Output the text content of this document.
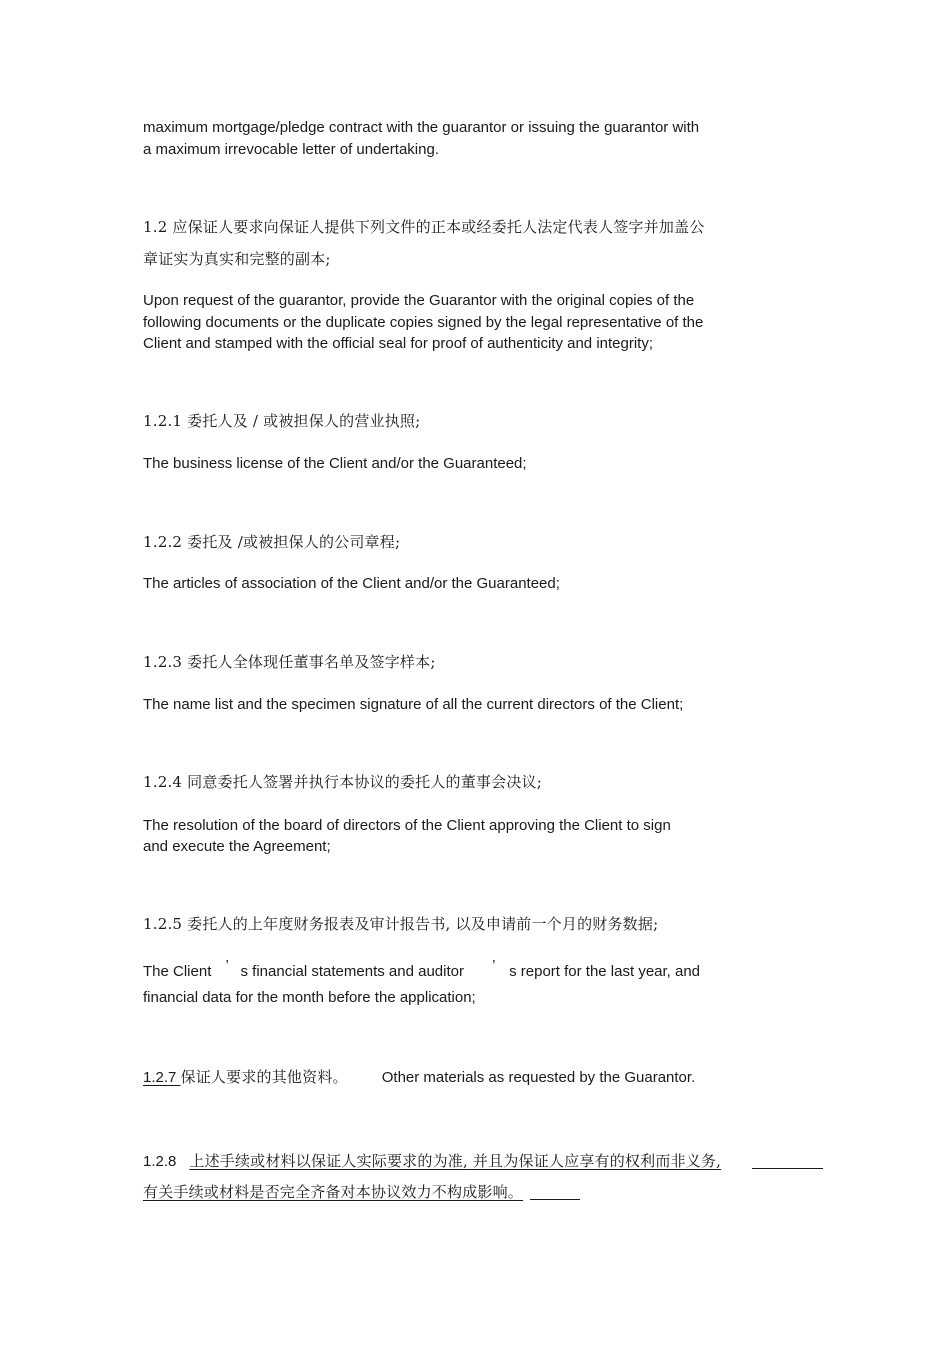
maximum mortgage/pledge contract with the guarantor or issuing the guarantor with
a maximum irrevocable letter of undertaking.
1.2 应保证人要求向保证人提供下列文件的正本或经委托人法定代表人签字并加盖公
章证实为真实和完整的副本;
Upon request of the guarantor, provide the Guarantor with the original copies of the
following documents or the duplicate copies signed by the legal representative of the
Client and stamped with the official seal for proof of authenticity and integrity;
1.2.1 委托人及 / 或被担保人的营业执照;
The business license of the Client and/or the Guaranteed;
1.2.2 委托及 /或被担保人的公司章程;
The articles of association of the Client and/or the Guaranteed;
1.2.3 委托人全体现任董事名单及签字样本;
The name list and the specimen signature of all the current directors of the Client;
1.2.4 同意委托人签署并执行本协议的委托人的董事会决议;
The resolution of the board of directors of the Client approving the Client to sign
and execute the Agreement;
1.2.5 委托人的上年度财务报表及审计报告书, 以及申请前一个月的财务数据;
The Client ’ s financial statements and auditor ’ s report for the last year, and
financial data for the month before the application;
1.2.7 保证人要求的其他资料。 Other materials as requested by the Guarantor.
1.2.8 上述手续或材料以保证人实际要求的为准, 并且为保证人应享有的权利而非义务,
有关手续或材料是否完全齐备对本协议效力不构成影响。
